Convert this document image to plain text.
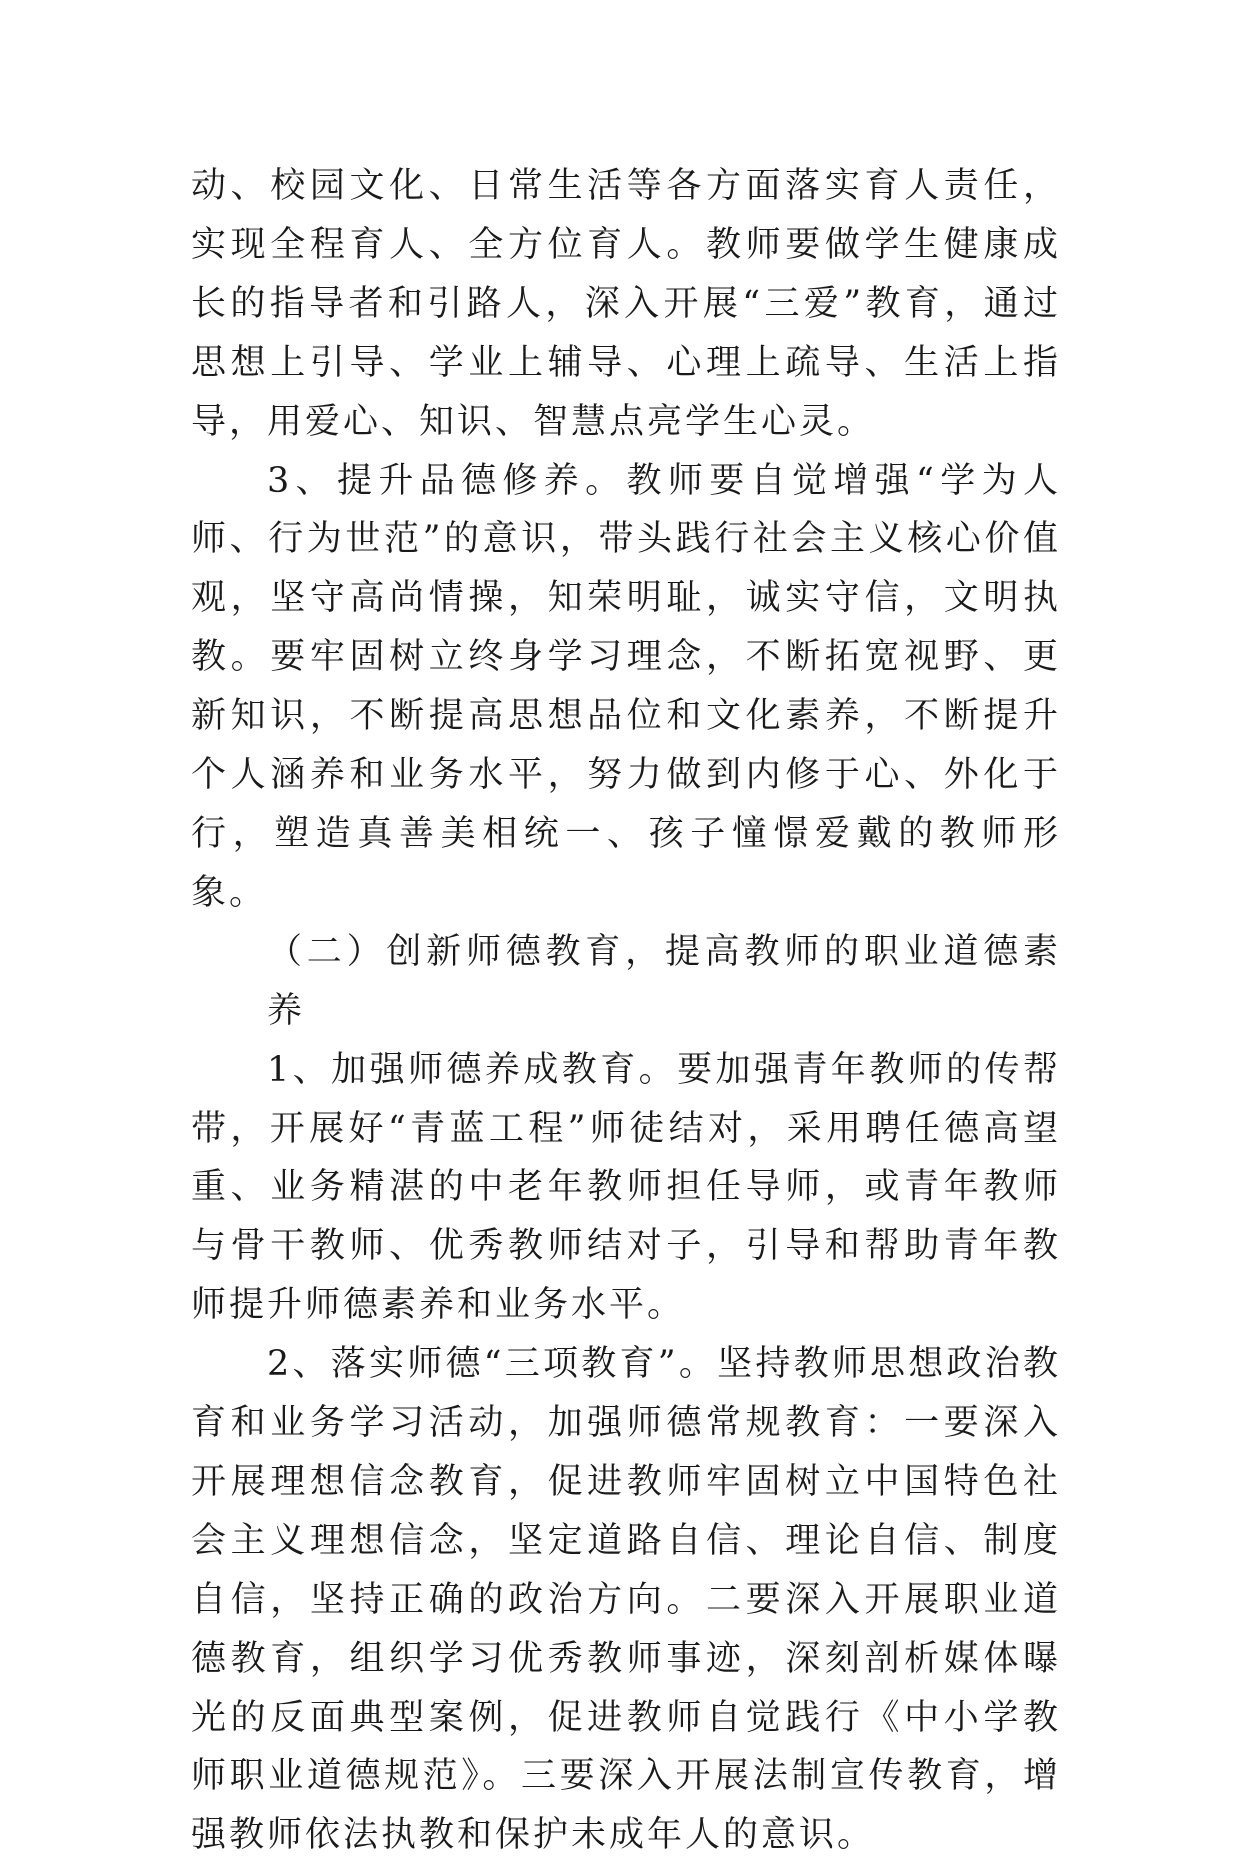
动、校园文化、日常生活等各方面落实育人责任，实现全程育人、全方位育人。教师要做学生健康成长的指导者和引路人，深入开展“三爱”教育，通过思想上引导、学业上辅导、心理上疏导、生活上指导，用爱心、知识、智慧点亮学生心灵。

3、提升品德修养。教师要自觉增强“学为人师、行为世范”的意识，带头践行社会主义核心价值观，坚守高尚情操，知荣明耻，诚实守信，文明执教。要牢固树立终身学习理念，不断拓宽视野、更新知识，不断提高思想品位和文化素养，不断提升个人涵养和业务水平，努力做到内修于心、外化于行，塑造真善美相统一、孩子憧憬爱戴的教师形象。

（二）创新师德教育，提高教师的职业道德素养

1、加强师德养成教育。要加强青年教师的传帮带，开展好“青蓝工程”师徒结对，采用聘任德高望重、业务精湛的中老年教师担任导师，或青年教师与骨干教师、优秀教师结对子，引导和帮助青年教师提升师德素养和业务水平。

2、落实师德“三项教育”。坚持教师思想政治教育和业务学习活动，加强师德常规教育：一要深入开展理想信念教育，促进教师牢固树立中国特色社会主义理想信念，坚定道路自信、理论自信、制度自信，坚持正确的政治方向。二要深入开展职业道德教育，组织学习优秀教师事迹，深刻剖析媒体曝光的反面典型案例，促进教师自觉践行《中小学教师职业道德规范》。三要深入开展法制宣传教育，增强教师依法执教和保护未成年人的意识。
